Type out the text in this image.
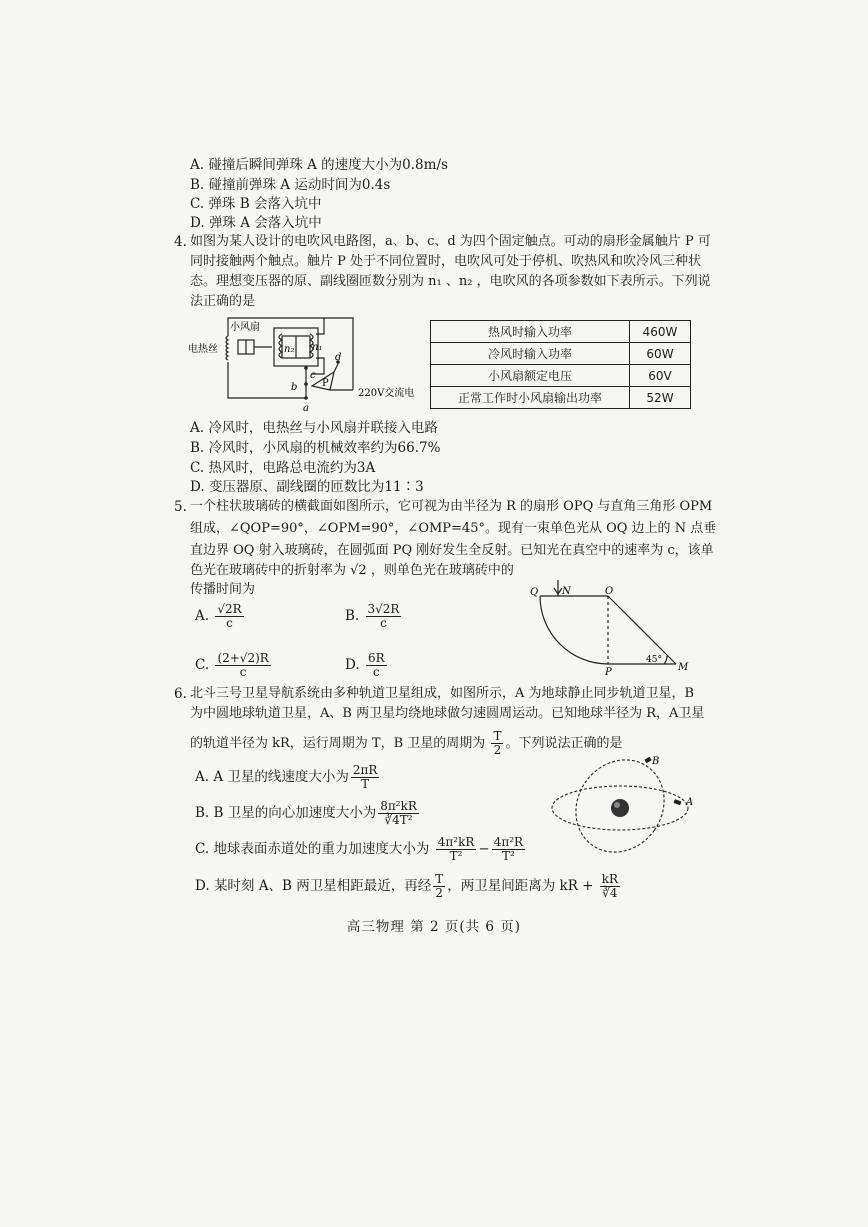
A. 碰撞后瞬间弹珠 A 的速度大小为0.8m/s
B. 碰撞前弹珠 A 运动时间为0.4s
C. 弹珠 B 会落入坑中
D. 弹珠 A 会落入坑中
4. 如图为某人设计的电吹风电路图，a、b、c、d 为四个固定触点。可动的扇形金属触片 P 可
同时接触两个触点。触片 P 处于不同位置时，电吹风可处于停机、吹热风和吹冷风三种状
态。理想变压器的原、副线圈匝数分别为 n₁ 、n₂ ，电吹风的各项参数如下表所示。下列说
法正确的是
小风扇
电热丝	n₂ n₁
d
c
b
a
P
220V交流电
热风时输入功率	460W
冷风时输入功率	60W
小风扇额定电压	60V
正常工作时小风扇输出功率	52W
A. 冷风时，电热丝与小风扇并联接入电路
B. 冷风时，小风扇的机械效率约为66.7%
C. 热风时，电路总电流约为3A
D. 变压器原、副线圈的匝数比为11∶3
5. 一个柱状玻璃砖的横截面如图所示，它可视为由半径为 R 的扇形 OPQ 与直角三角形 OPM
组成，∠QOP=90°，∠OPM=90°，∠OMP=45°。现有一束单色光从 OQ 边上的 N 点垂
直边界 OQ 射入玻璃砖，在圆弧面 PQ 刚好发生全反射。已知光在真空中的速率为 c，该单
色光在玻璃砖中的折射率为 √2 ，则单色光在玻璃砖中的
传播时间为
A. $\frac{√2R}{c}$	B. $\frac{3√2R}{c}$
C. $\frac{(2+√2)R}{c}$	D. $\frac{6R}{c}$
Q N	O
P	M
45°
6. 北斗三号卫星导航系统由多种轨道卫星组成，如图所示，A 为地球静止同步轨道卫星，B
为中圆地球轨道卫星，A、B 两卫星均绕地球做匀速圆周运动。已知地球半径为 R，A卫星
的轨道半径为 kR，运行周期为 T，B 卫星的周期为 $\frac{T}{2}$ 。下列说法正确的是
A. A 卫星的线速度大小为 $\frac{2\pi R}{T}$
B. B 卫星的向心加速度大小为 $\frac{\text{8π²kR}}{\text{∛4T²}}$
C. 地球表面赤道处的重力加速度大小为 $\frac{\text{4π²kR}}{\text{T²}} - \frac{\text{4π²R}}{\text{T²}}$
D. 某时刻 A、B 两卫星相距最近，再经 $\frac{T}{2}$ ，两卫星间距离为 kR + $\frac{kR}{∛4}$
B
A
高三物理 第 2 页(共 6 页)
